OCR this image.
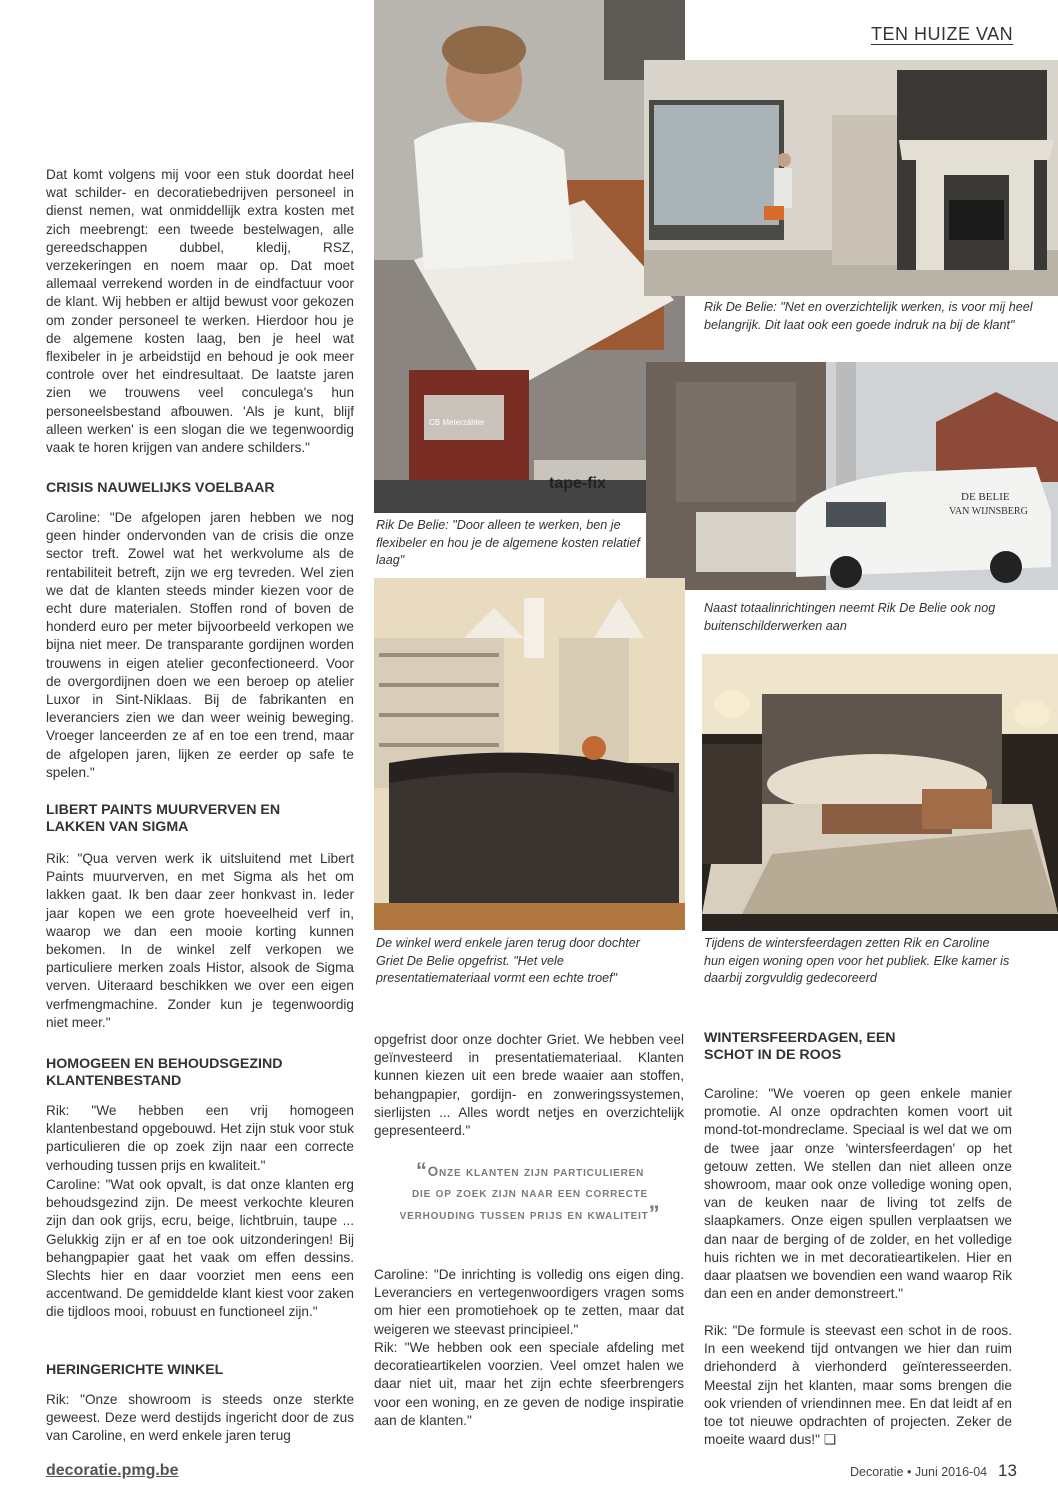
TEN HUIZE VAN

Dat komt volgens mij voor een stuk doordat heel wat schilder- en decoratiebedrijven personeel in dienst nemen, wat onmiddellijk extra kosten met zich meebrengt: een tweede bestelwagen, alle gereedschappen dubbel, kledij, RSZ, verzekeringen en noem maar op. Dat moet allemaal verrekend worden in de eindfactuur voor de klant. Wij hebben er altijd bewust voor gekozen om zonder personeel te werken. Hierdoor hou je de algemene kosten laag, ben je heel wat flexibeler in je arbeidstijd en behoud je ook meer controle over het eindresultaat. De laatste jaren zien we trouwens veel conculega's hun personeelsbestand afbouwen. 'Als je kunt, blijf alleen werken' is een slogan die we tegenwoordig vaak te horen krijgen van andere schilders."

CRISIS NAUWELIJKS VOELBAAR

Caroline: "De afgelopen jaren hebben we nog geen hinder ondervonden van de crisis die onze sector treft. Zowel wat het werkvolume als de rentabiliteit betreft, zijn we erg tevreden. Wel zien we dat de klanten steeds minder kiezen voor de echt dure materialen. Stoffen rond of boven de honderd euro per meter bijvoorbeeld verkopen we bijna niet meer. De transparante gordijnen worden trouwens in eigen atelier geconfectioneerd. Voor de overgordijnen doen we een beroep op atelier Luxor in Sint-Niklaas. Bij de fabrikanten en leveranciers zien we dan weer weinig beweging. Vroeger lanceerden ze af en toe een trend, maar de afgelopen jaren, lijken ze eerder op safe te spelen."

LIBERT PAINTS MUURVERVEN EN LAKKEN VAN SIGMA

Rik: "Qua verven werk ik uitsluitend met Libert Paints muurverven, en met Sigma als het om lakken gaat. Ik ben daar zeer honkvast in. Ieder jaar kopen we een grote hoeveelheid verf in, waarop we dan een mooie korting kunnen bekomen. In de winkel zelf verkopen we particuliere merken zoals Histor, alsook de Sigma verven. Uiteraard beschikken we over een eigen verfmengmachine. Zonder kun je tegenwoordig niet meer."

HOMOGEEN EN BEHOUDSGEZIND KLANTENBESTAND

Rik: "We hebben een vrij homogeen klantenbestand opgebouwd. Het zijn stuk voor stuk particulieren die op zoek zijn naar een correcte verhouding tussen prijs en kwaliteit."

Caroline: "Wat ook opvalt, is dat onze klanten erg behoudsgezind zijn. De meest verkochte kleuren zijn dan ook grijs, ecru, beige, lichtbruin, taupe ... Gelukkig zijn er af en toe ook uitzonderingen! Bij behangpapier gaat het vaak om effen dessins. Slechts hier en daar voorziet men eens een accentwand. De gemiddelde klant kiest voor zaken die tijdloos mooi, robuust en functioneel zijn."

HERINGERICHTE WINKEL

Rik: "Onze showroom is steeds onze sterkte geweest. Deze werd destijds ingericht door de zus van Caroline, en werd enkele jaren terug

tape-fix
CB Meterzähler
DE BELIE
VAN WIJNSBERG

Rik De Belie: "Door alleen te werken, ben je flexibeler en hou je de algemene kosten relatief laag"

Rik De Belie: "Net en overzichtelijk werken, is voor mij heel belangrijk. Dit laat ook een goede indruk na bij de klant"

Naast totaalinrichtingen neemt Rik De Belie ook nog buitenschilderwerken aan

De winkel werd enkele jaren terug door dochter Griet De Belie opgefrist. "Het vele presentatiemateriaal vormt een echte troef"

Tijdens de wintersfeerdagen zetten Rik en Caroline hun eigen woning open voor het publiek. Elke kamer is daarbij zorgvuldig gedecoreerd

opgefrist door onze dochter Griet. We hebben veel geïnvesteerd in presentatiemateriaal. Klanten kunnen kiezen uit een brede waaier aan stoffen, behangpapier, gordijn- en zonweringssystemen, sierlijsten ... Alles wordt netjes en overzichtelijk gepresenteerd."

“Onze klanten zijn particulieren
die op zoek zijn naar een correcte
verhouding tussen prijs en kwaliteit”

Caroline: "De inrichting is volledig ons eigen ding. Leveranciers en vertegenwoordigers vragen soms om hier een promotiehoek op te zetten, maar dat weigeren we steevast principieel."

Rik: "We hebben ook een speciale afdeling met decoratieartikelen voorzien. Veel omzet halen we daar niet uit, maar het zijn echte sfeerbrengers voor een woning, en ze geven de nodige inspiratie aan de klanten."

WINTERSFEERDAGEN, EEN SCHOT IN DE ROOS

Caroline: "We voeren op geen enkele manier promotie. Al onze opdrachten komen voort uit mond-tot-mondreclame. Speciaal is wel dat we om de twee jaar onze 'wintersfeerdagen' op het getouw zetten. We stellen dan niet alleen onze showroom, maar ook onze volledige woning open, van de keuken naar de living tot zelfs de slaapkamers. Onze eigen spullen verplaatsen we dan naar de berging of de zolder, en het volledige huis richten we in met decoratieartikelen. Hier en daar plaatsen we bovendien een wand waarop Rik dan een en ander demonstreert."

Rik: "De formule is steevast een schot in de roos. In een weekend tijd ontvangen we hier dan ruim driehonderd à vierhonderd geïnteresseerden. Meestal zijn het klanten, maar soms brengen die ook vrienden of vriendinnen mee. En dat leidt af en toe tot nieuwe opdrachten of projecten. Zeker de moeite waard dus!" ❏

decoratie.pmg.be	Decoratie • Juni 2016-04 13
